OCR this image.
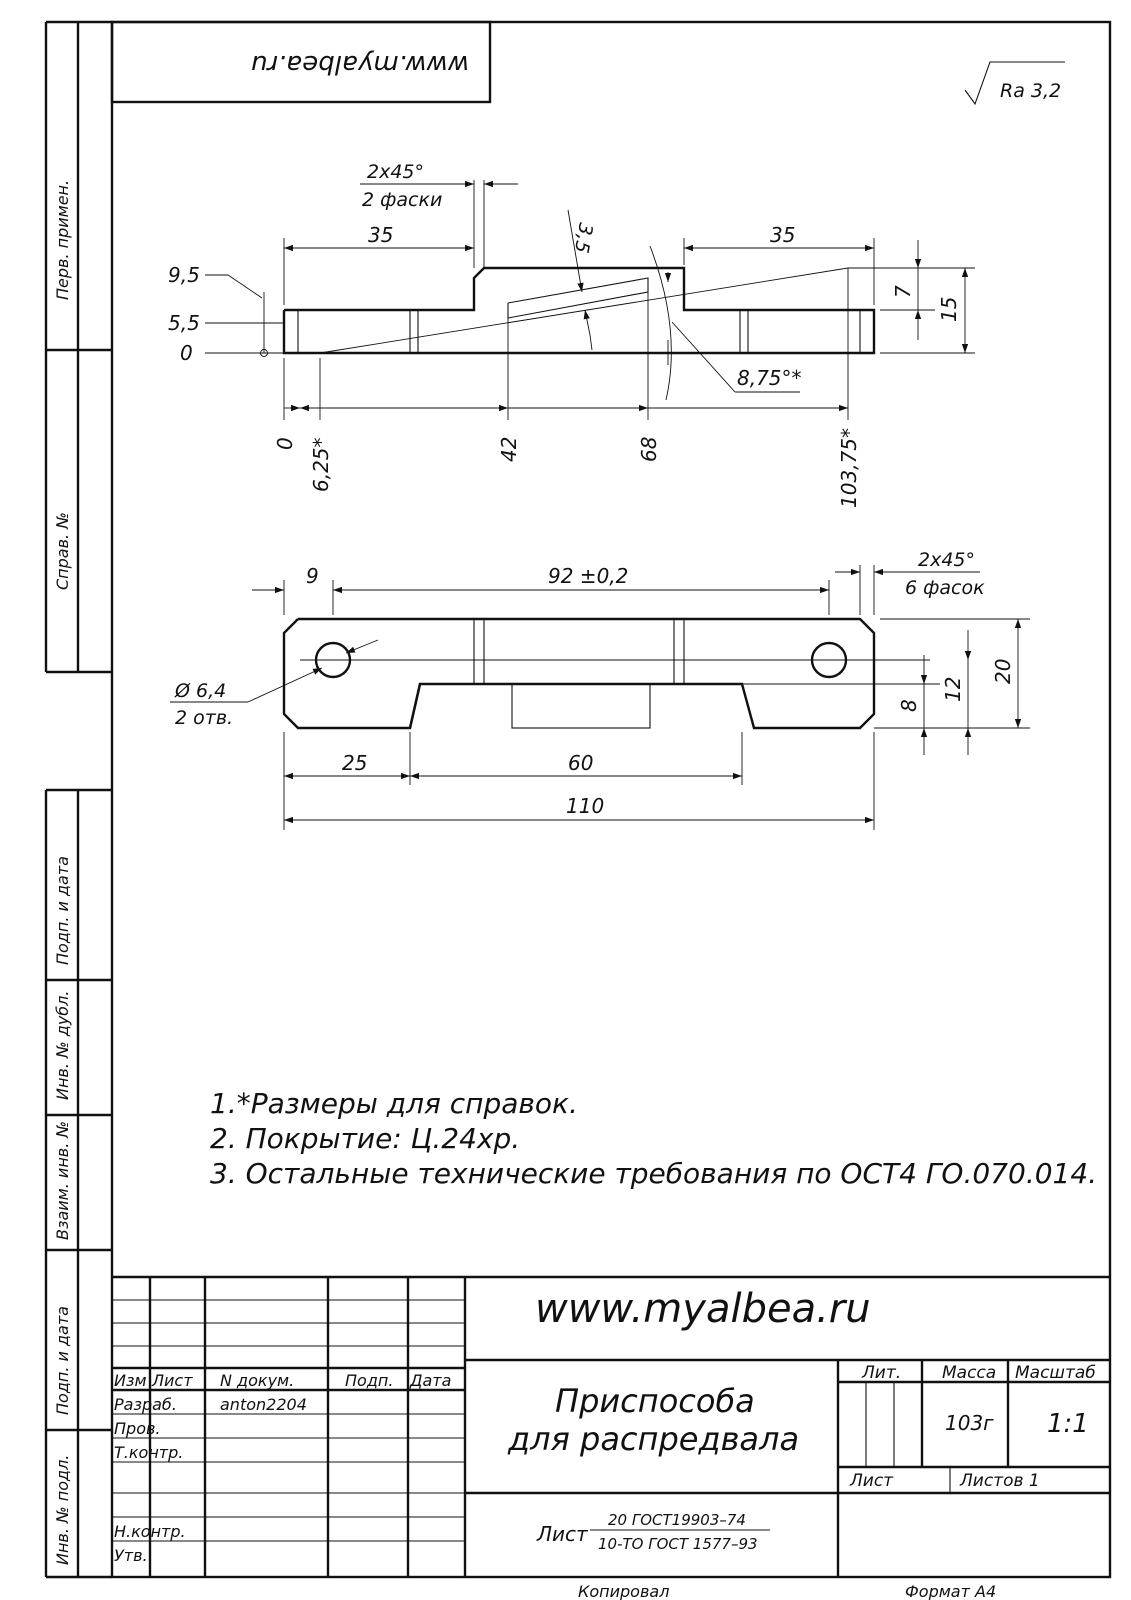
Перв. примен.
Справ. №
Подп. и дата
Инв. № дубл.
Взаим. инв. №
Подп. и дата
Инв. № подл.
www.myalbea.ru
Ra 3,2
2x45°
2 фаски
35	35
3,5
7
15
9,5
5,5
0
8,75°*
0 6,25*	42	68	103,75*
9	92 ±0,2
2x45°
6 фасок
Ø 6,4
2 отв.
8
12
20
25	60
110
1.*Размеры для справок.
2. Покрытие: Ц.24хр.
3. Остальные технические требования по ОСТ4 ГО.070.014.
www.myalbea.ru
Изм Лист N докум.	Подп. Дата
Разраб.	anton2204
Пров.
Т.контр.
Н.контр.
Утв.
Приспособа
для распредвала
Лит. Масса Масштаб
103г 1:1
Лист	Листов 1
Лист
20 ГОСТ19903–74
10-ТО ГОСТ 1577–93
Копировал	Формат А4
